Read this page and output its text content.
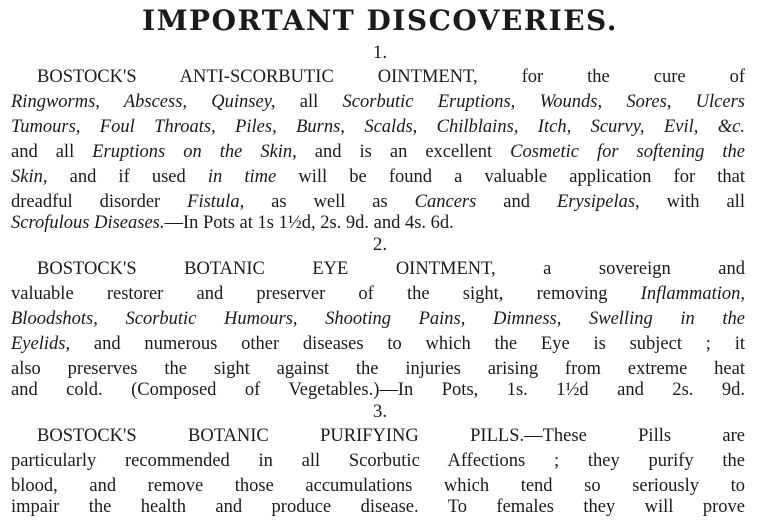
IMPORTANT DISCOVERIES.
1.
BOSTOCK'S ANTI-SCORBUTIC OINTMENT, for the cure of
Ringworms, Abscess, Quinsey, all Scorbutic Eruptions, Wounds, Sores, Ulcers
Tumours, Foul Throats, Piles, Burns, Scalds, Chilblains, Itch, Scurvy, Evil, &c.
and all Eruptions on the Skin, and is an excellent Cosmetic for softening the
Skin, and if used in time will be found a valuable application for that
dreadful disorder Fistula, as well as Cancers and Erysipelas, with all
Scrofulous Diseases.—In Pots at 1s 1½d, 2s. 9d. and 4s. 6d.
2.
BOSTOCK'S BOTANIC EYE OINTMENT, a sovereign and
valuable restorer and preserver of the sight, removing Inflammation,
Bloodshots, Scorbutic Humours, Shooting Pains, Dimness, Swelling in the
Eyelids, and numerous other diseases to which the Eye is subject ; it
also preserves the sight against the injuries arising from extreme heat
and cold. (Composed of Vegetables.)—In Pots, 1s. 1½d and 2s. 9d.
3.
BOSTOCK'S BOTANIC PURIFYING PILLS.—These Pills are
particularly recommended in all Scorbutic Affections ; they purify the
blood, and remove those accumulations which tend so seriously to
impair the health and produce disease. To females they will prove
